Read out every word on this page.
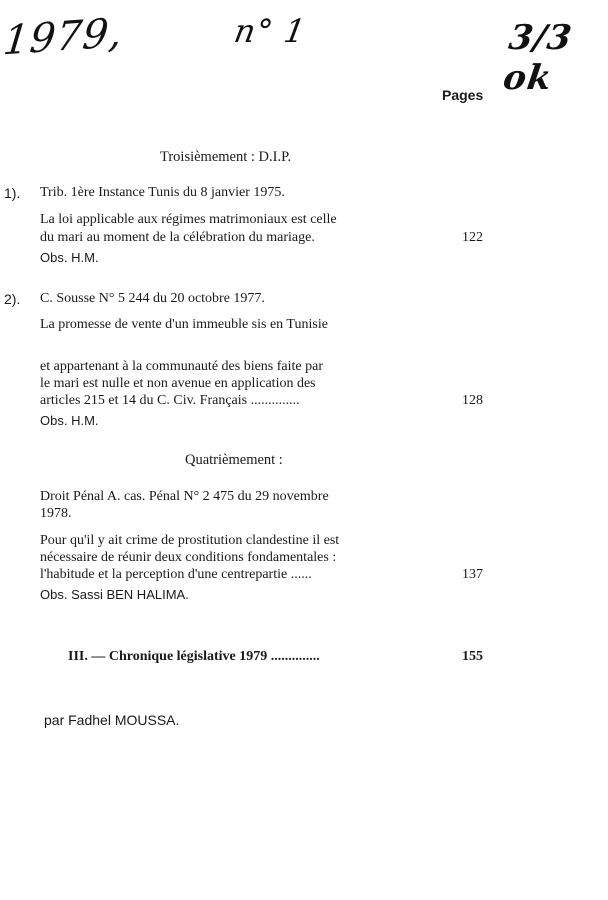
1979,	n° 1	3/3 ok
Pages
Troisièmement : D.I.P.
1). Trib. 1ère Instance Tunis du 8 janvier 1975.
La loi applicable aux régimes matrimoniaux est celle
du mari au moment de la célébration du mariage.	122
Obs. H.M.
2). C. Sousse N° 5 244 du 20 octobre 1977.
La promesse de vente d'un immeuble sis en Tunisie
et appartenant à la communauté des biens faite par
le mari est nulle et non avenue en application des
articles 215 et 14 du C. Civ. Français ..............	128
Obs. H.M.
Quatrièmement :
Droit Pénal A. cas. Pénal N° 2 475 du 29 novembre
1978.
Pour qu'il y ait crime de prostitution clandestine il est
nécessaire de réunir deux conditions fondamentales :
l'habitude et la perception d'une centrepartie ......	137
Obs. Sassi BEN HALIMA.
III. — Chronique législative 1979 ..............	155
par Fadhel MOUSSA.
